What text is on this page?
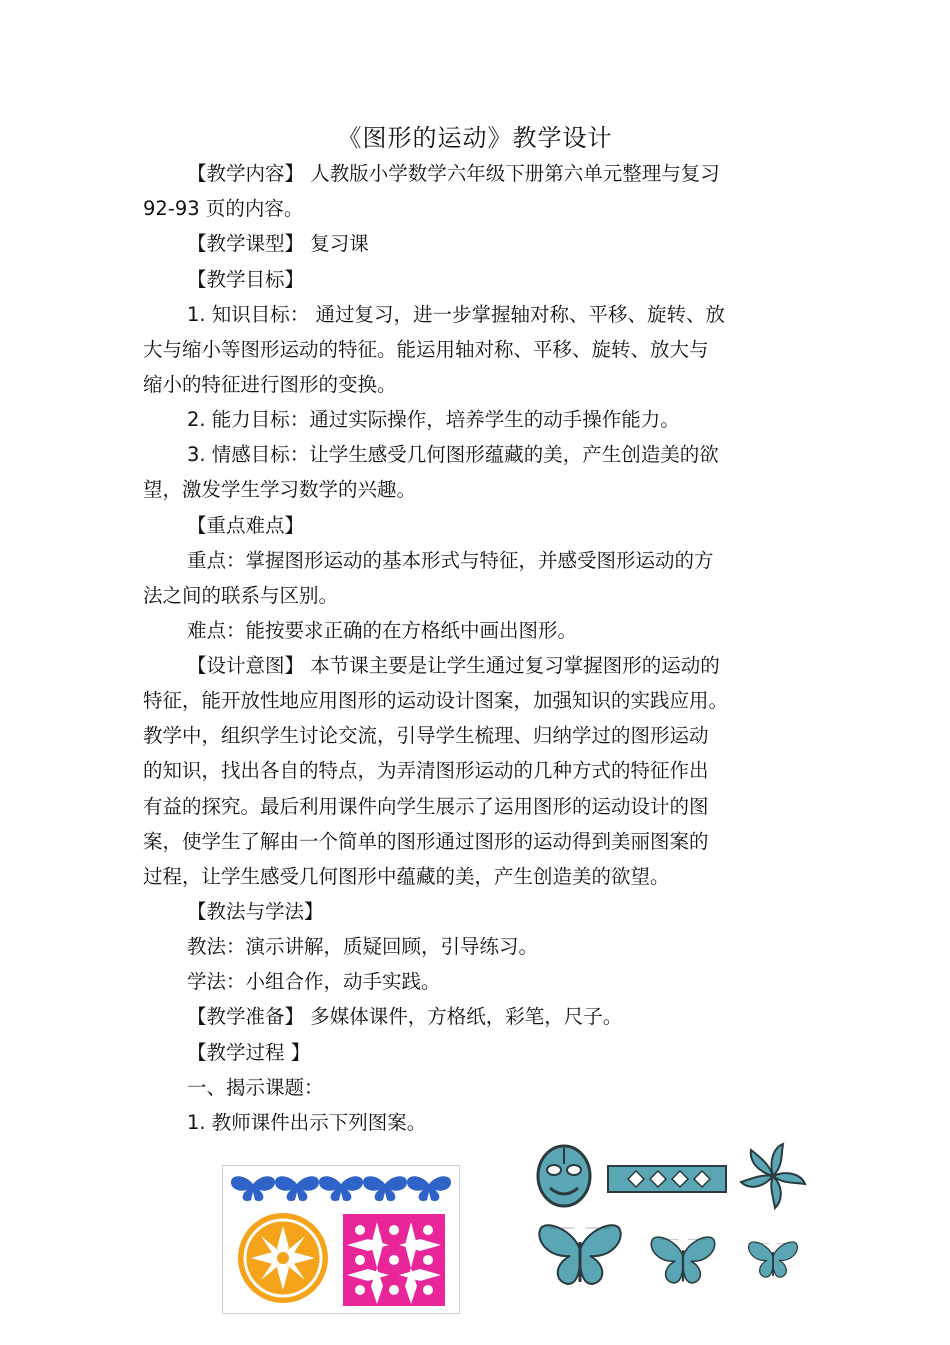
《图形的运动》教学设计
【教学内容】 人教版小学数学六年级下册第六单元整理与复习
92-93 页的内容。
【教学课型】 复习课
【教学目标】
1. 知识目标： 通过复习，进一步掌握轴对称、平移、旋转、放
大与缩小等图形运动的特征。能运用轴对称、平移、旋转、放大与
缩小的特征进行图形的变换。
2. 能力目标：通过实际操作，培养学生的动手操作能力。
3. 情感目标：让学生感受几何图形蕴藏的美，产生创造美的欲
望，激发学生学习数学的兴趣。
【重点难点】
重点：掌握图形运动的基本形式与特征，并感受图形运动的方
法之间的联系与区别。
难点：能按要求正确的在方格纸中画出图形。
【设计意图】 本节课主要是让学生通过复习掌握图形的运动的
特征，能开放性地应用图形的运动设计图案，加强知识的实践应用。
教学中，组织学生讨论交流，引导学生梳理、归纳学过的图形运动
的知识，找出各自的特点，为弄清图形运动的几种方式的特征作出
有益的探究。最后利用课件向学生展示了运用图形的运动设计的图
案，使学生了解由一个简单的图形通过图形的运动得到美丽图案的
过程，让学生感受几何图形中蕴藏的美，产生创造美的欲望。
【教法与学法】
教法：演示讲解，质疑回顾，引导练习。
学法：小组合作，动手实践。
【教学准备】 多媒体课件，方格纸，彩笔，尺子。
【教学过程 】
一、揭示课题：
1. 教师课件出示下列图案。
